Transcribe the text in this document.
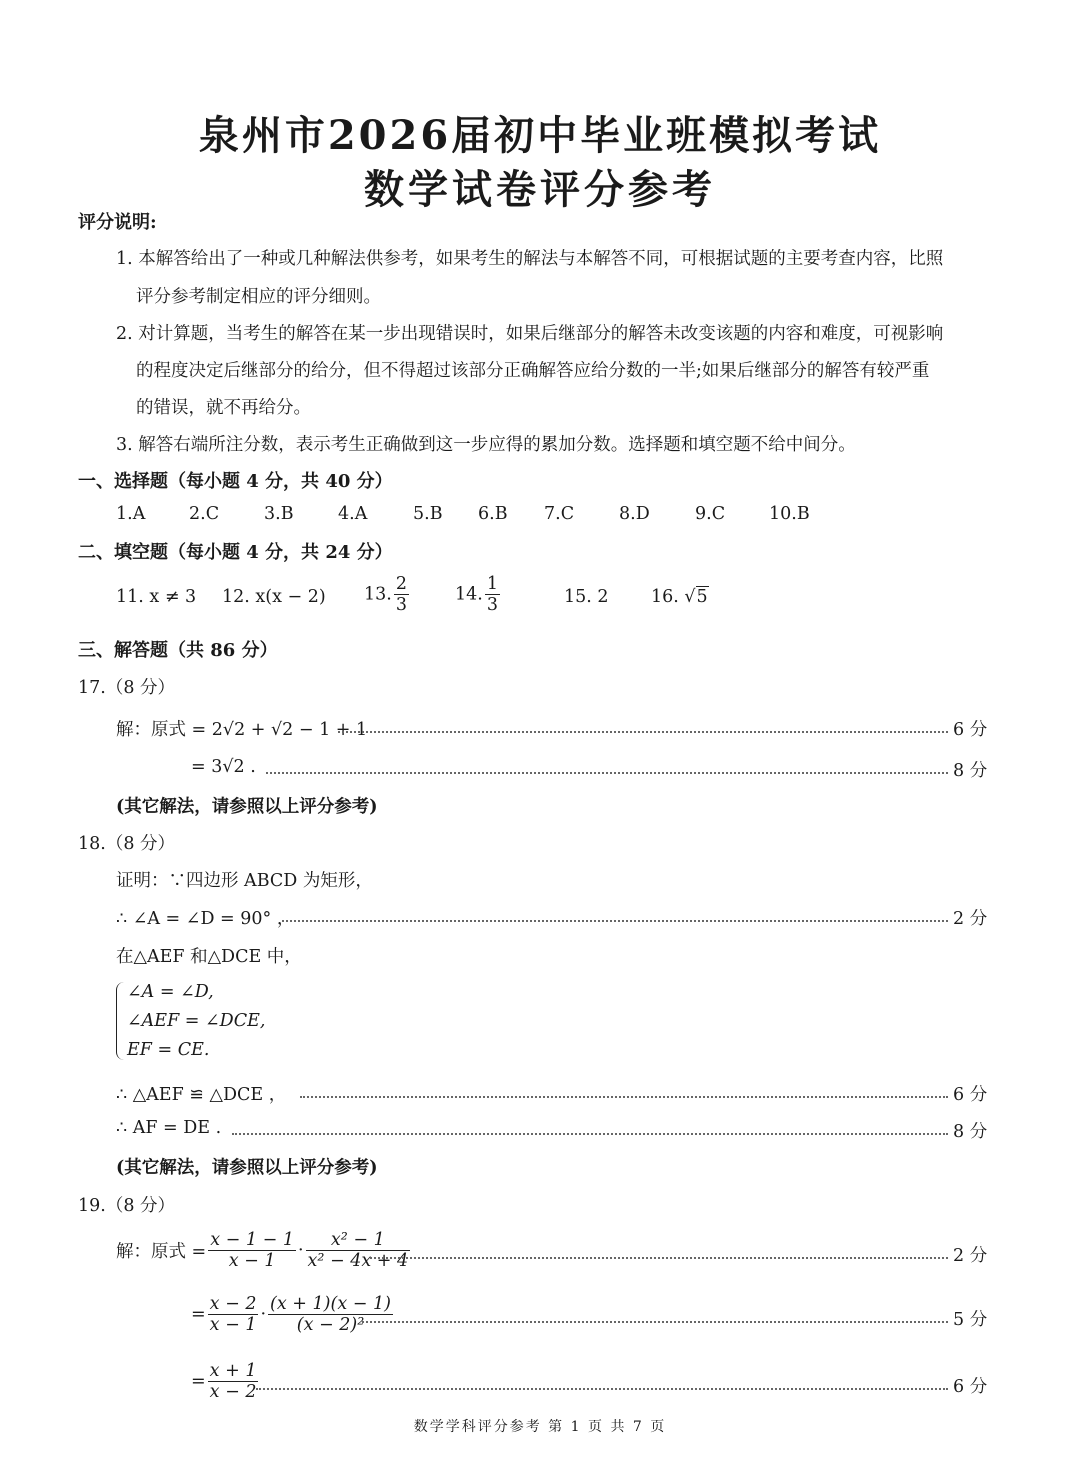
泉州市2026届初中毕业班模拟考试
数学试卷评分参考
评分说明:
1. 本解答给出了一种或几种解法供参考，如果考生的解法与本解答不同，可根据试题的主要考查内容，比照
评分参考制定相应的评分细则。
2. 对计算题，当考生的解答在某一步出现错误时，如果后继部分的解答未改变该题的内容和难度，可视影响
的程度决定后继部分的给分，但不得超过该部分正确解答应给分数的一半;如果后继部分的解答有较严重
的错误，就不再给分。
3. 解答右端所注分数，表示考生正确做到这一步应得的累加分数。选择题和填空题不给中间分。
一、选择题（每小题 4 分，共 40 分）
1.A 2.C	3.B	4.A	5.B 6.B 7.C	8.D	9.C	10.B
二、填空题（每小题 4 分，共 24 分）
11. x ≠ 3 12. x(x − 2) 13. $\frac{2}{3}$	14. $\frac{1}{3}$	15. 2 16. √5
三、解答题（共 86 分）
17.（8 分）
解：原式 = 2√2 + √2 − 1 + 1	6 分
= 3√2 .	8 分
(其它解法，请参照以上评分参考)
18.（8 分）
证明：∵四边形 ABCD 为矩形，
∴ ∠A = ∠D = 90° ，	2 分
在△AEF 和△DCE 中，
∠A = ∠D,
∠AEF = ∠DCE,
EF = CE.
∴ △AEF ≌ △DCE ，	6 分
∴ AF = DE .	8 分
(其它解法，请参照以上评分参考)
19.（8 分）
解：原式 = $\frac{x - 1 - 1}{x - 1} \cdot \frac{\text{x² − 1}}{\text{x² − 4x + 4}}$	2 分
= $\frac{x - 2}{x - 1} \cdot \frac{(x + 1)(x - 1)}{\text{(x − 2)²}}$	5 分
= $\frac{x + 1}{x - 2}$	6 分
数学学科评分参考 第 1 页 共 7 页
